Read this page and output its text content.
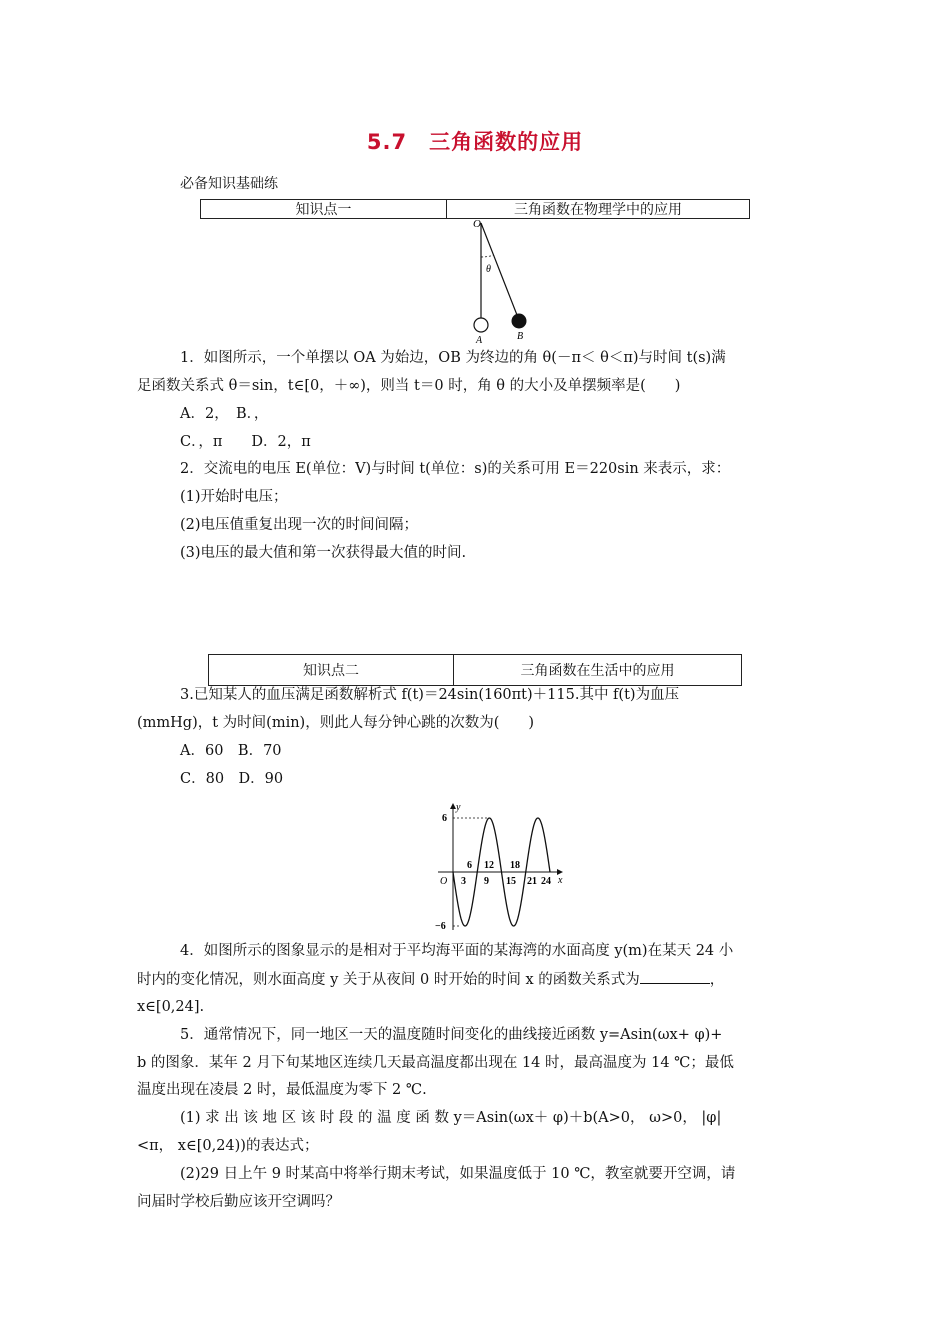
5.7　三角函数的应用
必备知识基础练
知识点一	三角函数在物理学中的应用
O
θ
A	B
1．如图所示，一个单摆以 OA 为始边，OB 为终边的角 θ(－π＜ θ＜π)与时间 t(s)满
足函数关系式 θ＝sin，t∈[0，＋∞)，则当 t＝0 时，角 θ 的大小及单摆频率是(　　)
A．2，　B．，
C．，π　　D．2，π
2．交流电的电压 E(单位：V)与时间 t(单位：s)的关系可用 E＝220sin 来表示，求：
(1)开始时电压；
(2)电压值重复出现一次的时间间隔；
(3)电压的最大值和第一次获得最大值的时间.
知识点二	三角函数在生活中的应用
3.已知某人的血压满足函数解析式 f(t)＝24sin(160πt)＋115.其中 f(t)为血压
(mmHg)，t 为时间(min)，则此人每分钟心跳的次数为(　　)
A．60　B．70
C．80　D．90
y
x
O
6
−6
6 12 18
3 9 15 21 24
4．如图所示的图象显示的是相对于平均海平面的某海湾的水面高度 y(m)在某天 24 小
时内的变化情况，则水面高度 y 关于从夜间 0 时开始的时间 x 的函数关系式为	，
x∈[0,24].
5．通常情况下，同一地区一天的温度随时间变化的曲线接近函数 y=Asin(ωx+ φ)+
b 的图象．某年 2 月下旬某地区连续几天最高温度都出现在 14 时，最高温度为 14 ℃；最低
温度出现在凌晨 2 时，最低温度为零下 2 ℃.
(1) 求 出 该 地 区 该 时 段 的 温 度 函 数 y＝Asin(ωx＋ φ)＋b(A>0， ω>0， |φ|
<π， x∈[0,24))的表达式；
(2)29 日上午 9 时某高中将举行期末考试，如果温度低于 10 ℃，教室就要开空调，请
问届时学校后勤应该开空调吗？
